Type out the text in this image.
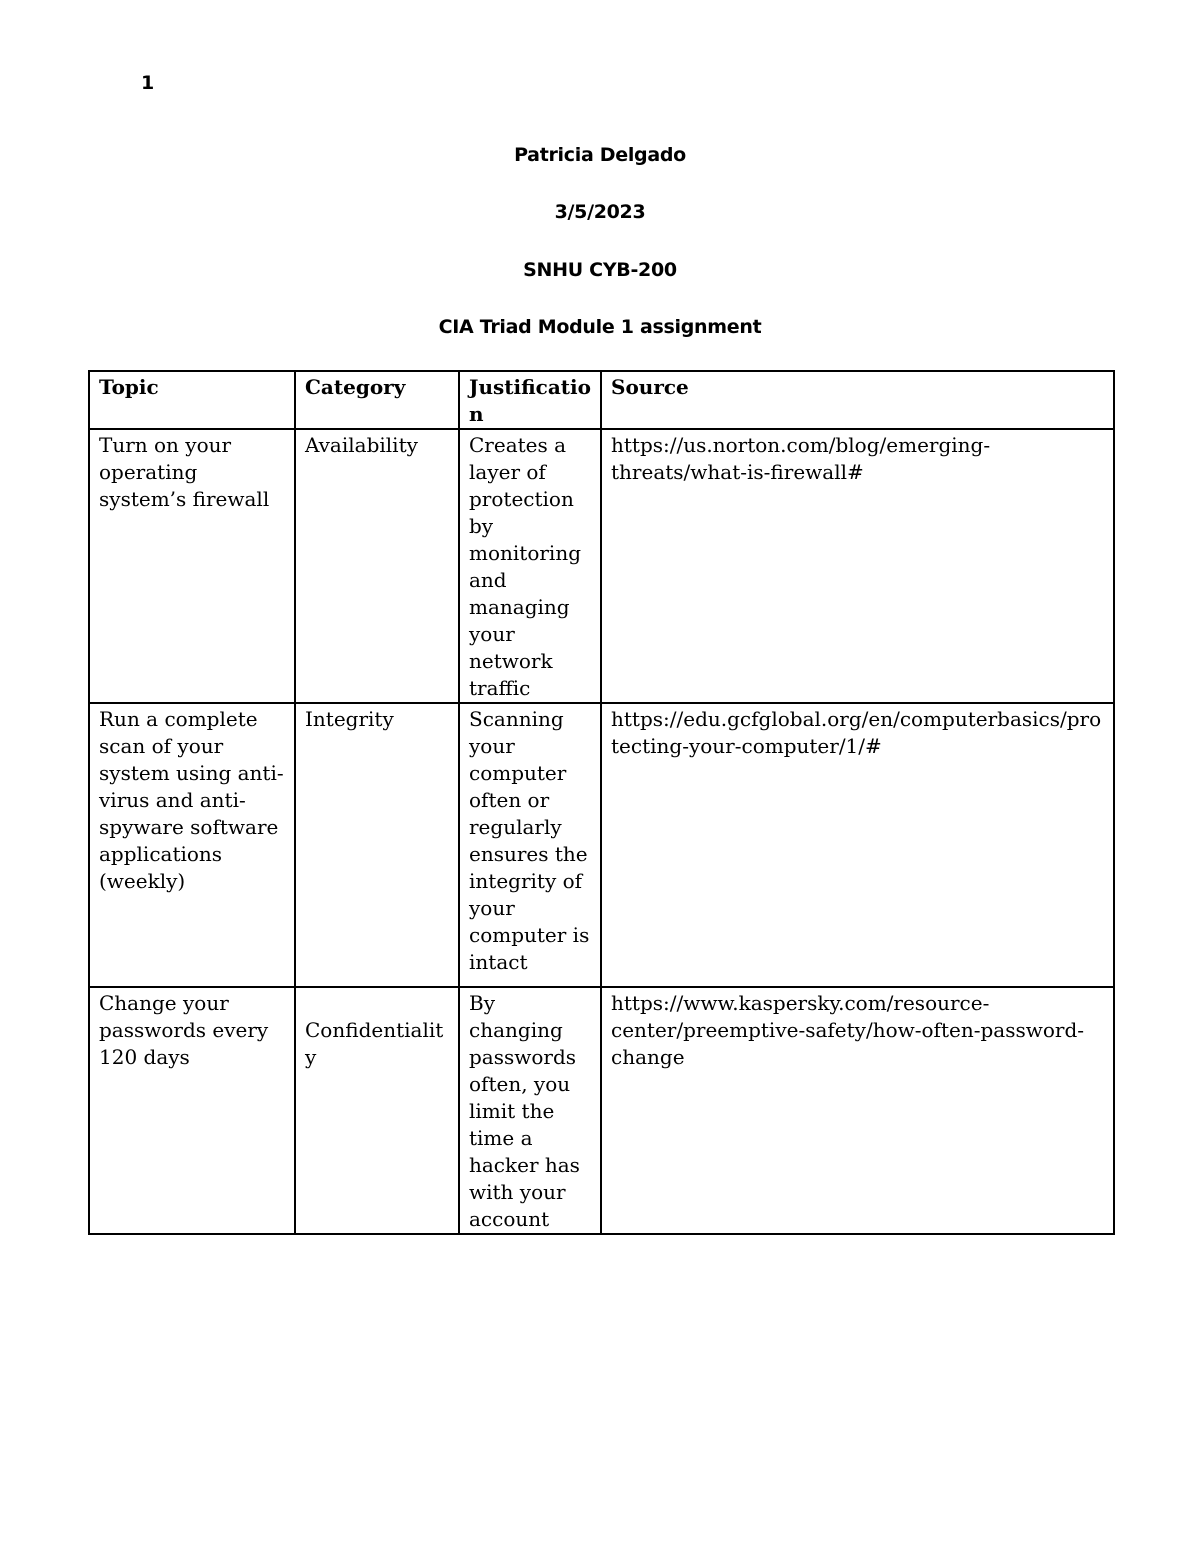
1
Patricia Delgado
3/5/2023
SNHU CYB-200
CIA Triad Module 1 assignment
Topic	Category	Justification	Source
Turn on your operating system’s firewall	Availability	Creates a layer of protection by monitoring and managing your network traffic	https://us.norton.com/blog/emerging-threats/what-is-firewall#
Run a complete scan of your system using anti-virus and anti-spyware software applications (weekly)	Integrity	Scanning your computer often or regularly ensures the integrity of your computer is intact	https://edu.gcfglobal.org/en/computerbasics/protecting-your-computer/1/#
Change your passwords every 120 days	Confidentiality	By changing passwords often, you limit the time a hacker has with your account	https://www.kaspersky.com/resource-center/preemptive-safety/how-often-password-change
